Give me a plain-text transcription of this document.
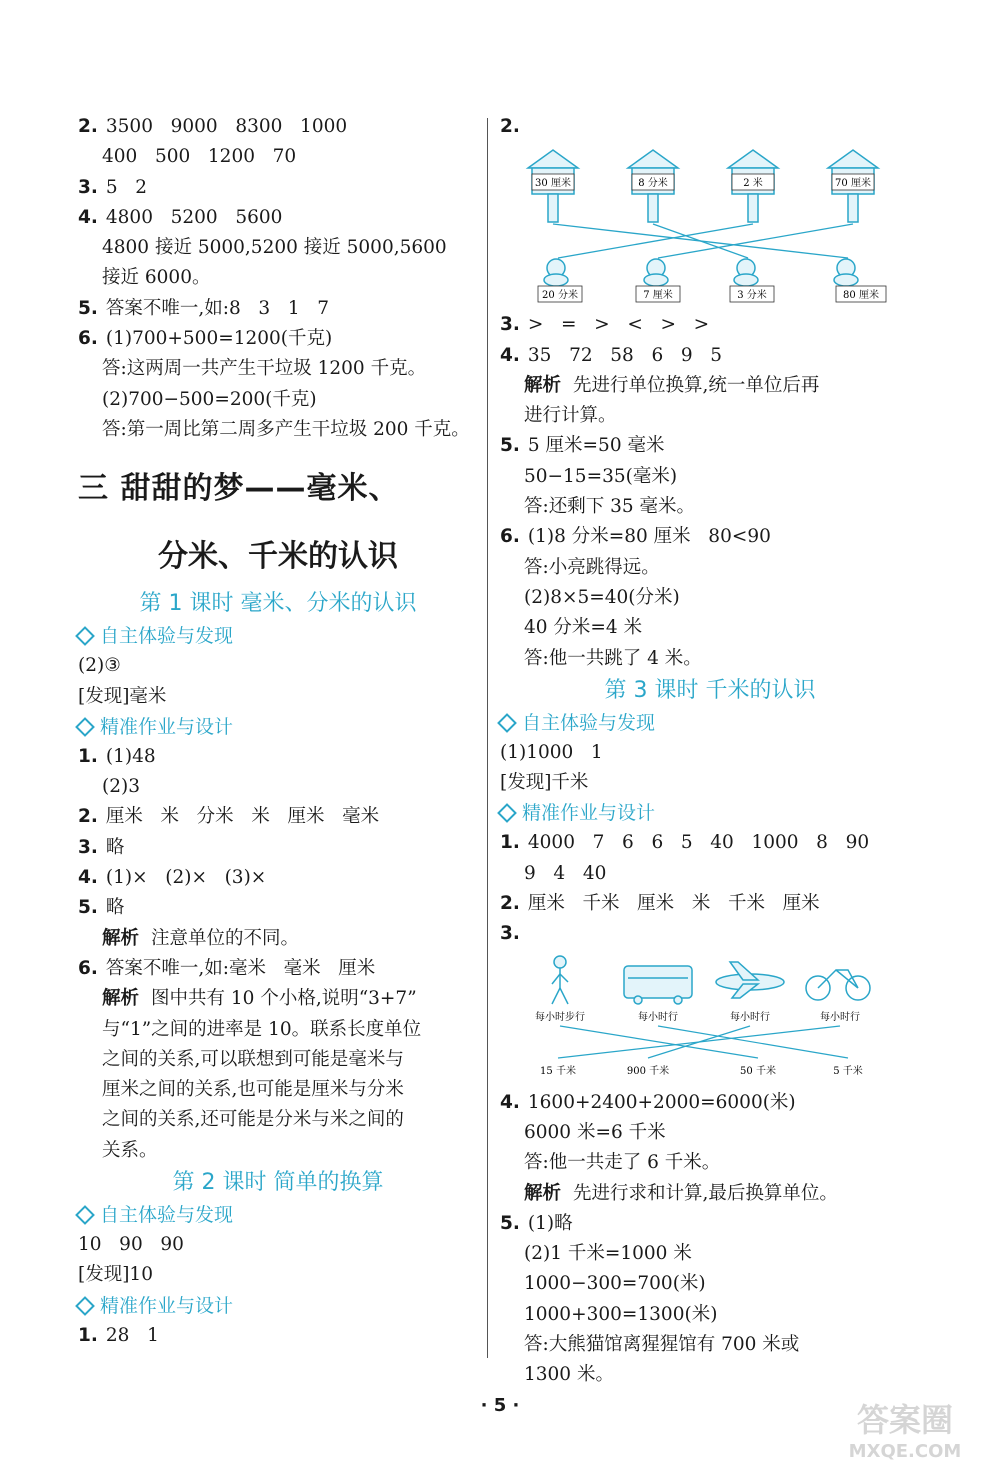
2. 3500   9000   8300   1000
400   500   1200   70
3. 5   2
4. 4800   5200   5600
4800 接近 5000,5200 接近 5000,5600
接近 6000。
5. 答案不唯一,如:8   3   1   7
6. (1)700+500=1200(千克)
答:这两周一共产生干垃圾 1200 千克。
(2)700−500=200(千克)
答:第一周比第二周多产生干垃圾 200 千克。
三 甜甜的梦——毫米、
分米、千米的认识
第 1 课时 毫米、分米的认识
自主体验与发现
(2)③
[发现]毫米
精准作业与设计
1. (1)48
(2)3
2. 厘米   米   分米   米   厘米   毫米
3. 略
4. (1)×   (2)×   (3)×
5. 略
解析 注意单位的不同。
6. 答案不唯一,如:毫米   毫米   厘米
解析 图中共有 10 个小格,说明“3+7”
与“1”之间的进率是 10。联系长度单位
之间的关系,可以联想到可能是毫米与
厘米之间的关系,也可能是厘米与分米
之间的关系,还可能是分米与米之间的
关系。
第 2 课时 简单的换算
自主体验与发现
10   90   90
[发现]10
精准作业与设计
1. 28   1
2.
30 厘米	8 分米	2 米	70 厘米
20 分米	7 厘米	3 分米	80 厘米
3. >   =   >   <   >   >
4. 35   72   58   6   9   5
解析 先进行单位换算,统一单位后再
进行计算。
5. 5 厘米=50 毫米
50−15=35(毫米)
答:还剩下 35 毫米。
6. (1)8 分米=80 厘米   80<90
答:小亮跳得远。
(2)8×5=40(分米)
40 分米=4 米
答:他一共跳了 4 米。
第 3 课时 千米的认识
自主体验与发现
(1)1000   1
[发现]千米
精准作业与设计
1. 4000   7   6   6   5   40   1000   8   90
9   4   40
2. 厘米   千米   厘米   米   千米   厘米
3.
每小时步行	每小时行	每小时行	每小时行
15 千米	900 千米	50 千米	5 千米
4. 1600+2400+2000=6000(米)
6000 米=6 千米
答:他一共走了 6 千米。
解析 先进行求和计算,最后换算单位。
5. (1)略
(2)1 千米=1000 米
1000−300=700(米)
1000+300=1300(米)
答:大熊猫馆离猩猩馆有 700 米或
1300 米。
· 5 ·	答案圈
MXQE.COM
